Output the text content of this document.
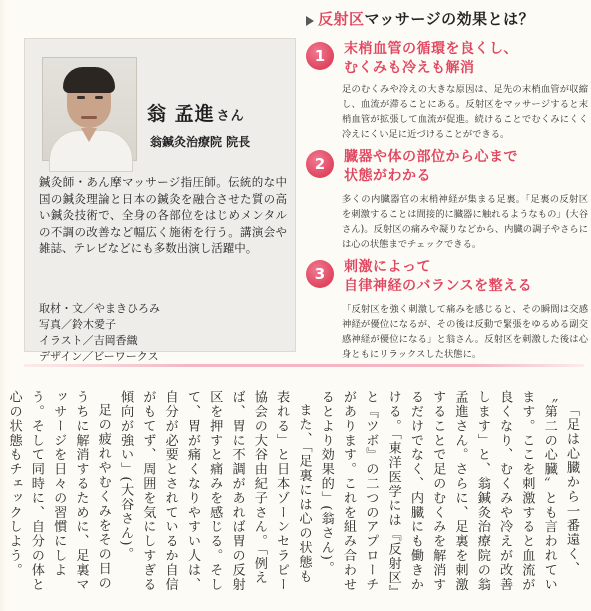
反射区マッサージの効果とは？
翁 孟進 さん
翁鍼灸治療院 院長
鍼灸師・あん摩マッサージ指圧師。伝統的な中国の鍼灸理論と日本の鍼灸を融合させた質の高い鍼灸技術で、全身の各部位をはじめメンタルの不調の改善など幅広く施術を行う。講演会や雑誌、テレビなどにも多数出演し活躍中。
取材・文／やまきひろみ
写真／鈴木愛子
イラスト／吉岡香織
デザイン／ビーワークス
1	末梢血管の循環を良くし、
むくみも冷えも解消
足のむくみや冷えの大きな原因は、足先の末梢血管が収縮し、血流が滞ることにある。反射区をマッサージすると末梢血管が拡張して血流が促進。続けることでむくみにくく冷えにくい足に近づけることができる。
2	臓器や体の部位から心まで
状態がわかる
多くの内臓器官の末梢神経が集まる足裏。「足裏の反射区を刺激することは間接的に臓器に触れるようなもの」(大谷さん)。反射区の痛みや凝りなどから、内臓の調子やさらには心の状態までチェックできる。
3	刺激によって
自律神経のバランスを整える
「反射区を強く刺激して痛みを感じると、その瞬間は交感神経が優位になるが、その後は反動で緊張をゆるめる副交感神経が優位になる」と翁さん。反射区を刺激した後は心身ともにリラックスした状態に。

「足は心臓から一番遠く、〝第二の心臓〟とも言われています。ここを刺激すると血流が良くなり、むくみや冷えが改善します」と、翁鍼灸治療院の翁孟進さん。さらに、足裏を刺激することで足のむくみを解消するだけでなく、内臓にも働きかける。「東洋医学には『反射区』と『ツボ』の二つのアプローチがあります。これを組み合わせるとより効果的」(翁さん)。

また、「足裏には心の状態も表れる」と日本ゾーンセラピー協会の大谷由紀子さん。「例えば、胃に不調があれば胃の反射区を押すと痛みを感じる。そして、胃が痛くなりやすい人は、自分が必要とされているか自信がもてず、周囲を気にしすぎる傾向が強い」(大谷さん)。

足の疲れやむくみをその日のうちに解消するために、足裏マッサージを日々の習慣にしよう。そして同時に、自分の体と心の状態もチェックしよう。
